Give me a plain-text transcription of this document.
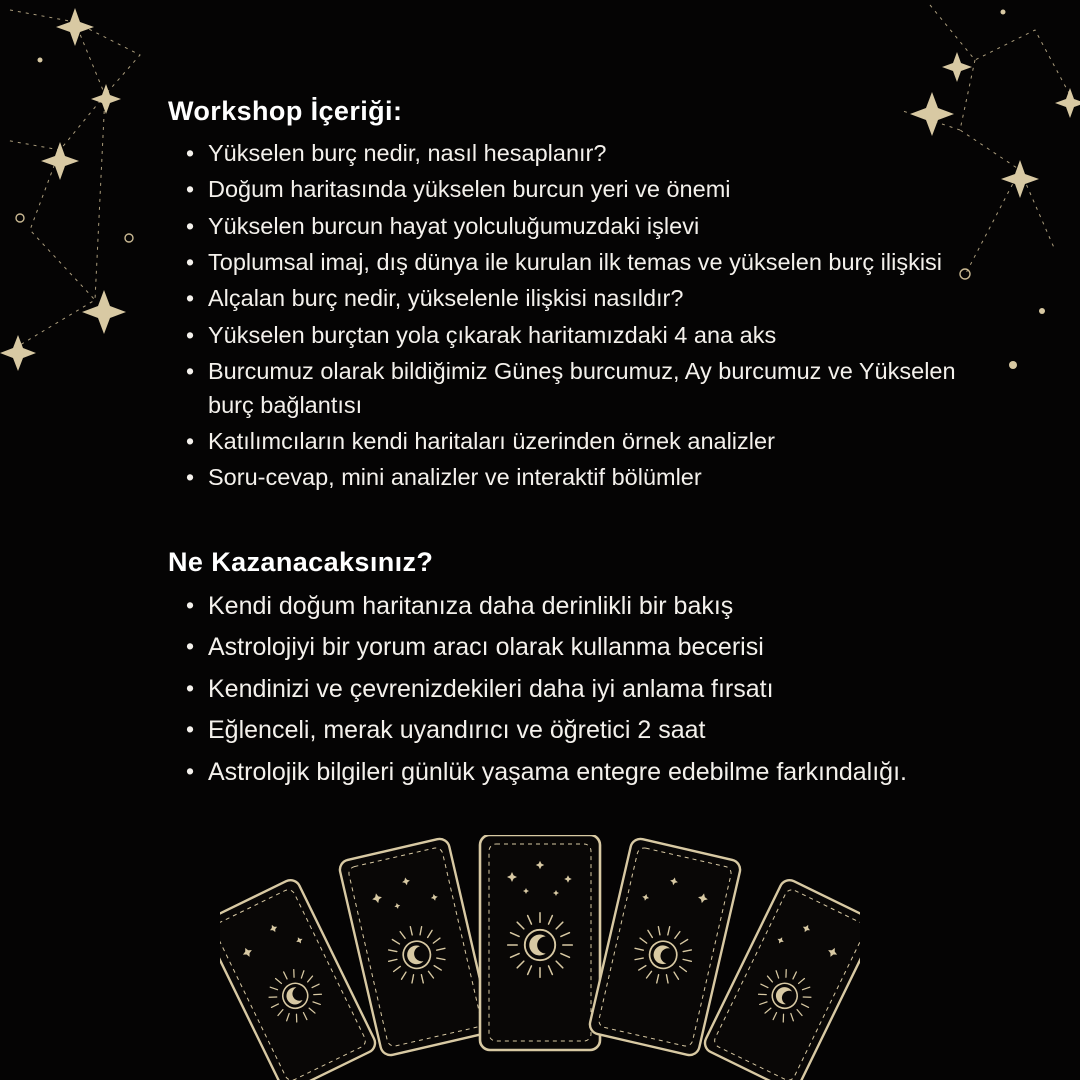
Workshop İçeriği:
• Yükselen burç nedir, nasıl hesaplanır?
• Doğum haritasında yükselen burcun yeri ve önemi
• Yükselen burcun hayat yolculuğumuzdaki işlevi
• Toplumsal imaj, dış dünya ile kurulan ilk temas ve yükselen burç ilişkisi
• Alçalan burç nedir, yükselenle ilişkisi nasıldır?
• Yükselen burçtan yola çıkarak haritamızdaki 4 ana aks
• Burcumuz olarak bildiğimiz Güneş burcumuz, Ay burcumuz ve Yükselen burç bağlantısı
• Katılımcıların kendi haritaları üzerinden örnek analizler
• Soru-cevap, mini analizler ve interaktif bölümler
Ne Kazanacaksınız?
• Kendi doğum haritanıza daha derinlikli bir bakış
• Astrolojiyi bir yorum aracı olarak kullanma becerisi
• Kendinizi ve çevrenizdekileri daha iyi anlama fırsatı
• Eğlenceli, merak uyandırıcı ve öğretici 2 saat
• Astrolojik bilgileri günlük yaşama entegre edebilme farkındalığı.
